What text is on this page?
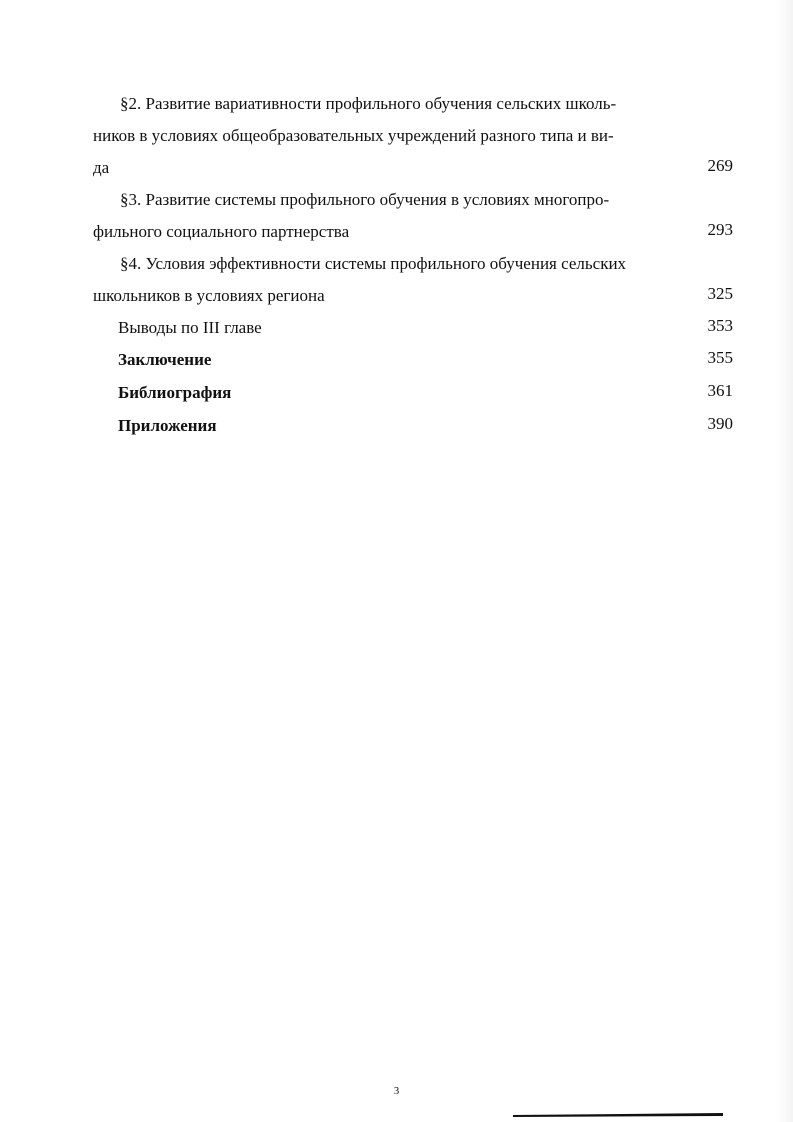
§2. Развитие вариативности профильного обучения сельских школь-
ников в условиях общеобразовательных учреждений разного типа и ви-
да	269
§3. Развитие системы профильного обучения в условиях многопро-
фильного социального партнерства	293
§4. Условия эффективности системы профильного обучения сельских
школьников в условиях региона	325
Выводы по III главе	353
Заключение	355
Библиография	361
Приложения	390
3
